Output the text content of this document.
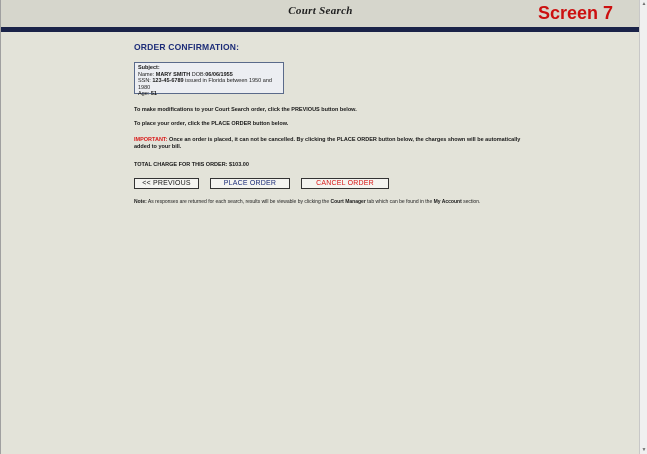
Court Search	Screen 7
ORDER CONFIRMATION:
Subject:
Name: MARY SMITH DOB:06/06/1955
SSN: 123-45-6789 issued in Florida between 1950 and 1980
Age: 51
To make modifications to your Court Search order, click the PREVIOUS button below.
To place your order, click the PLACE ORDER button below.
IMPORTANT: Once an order is placed, it can not be cancelled. By clicking the PLACE ORDER button below, the charges shown will be automatically added to your bill.
TOTAL CHARGE FOR THIS ORDER: $103.00
<< PREVIOUS	PLACE ORDER	CANCEL ORDER
Note: As responses are returned for each search, results will be viewable by clicking the Court Manager tab which can be found in the My Account section.
▲
▼
